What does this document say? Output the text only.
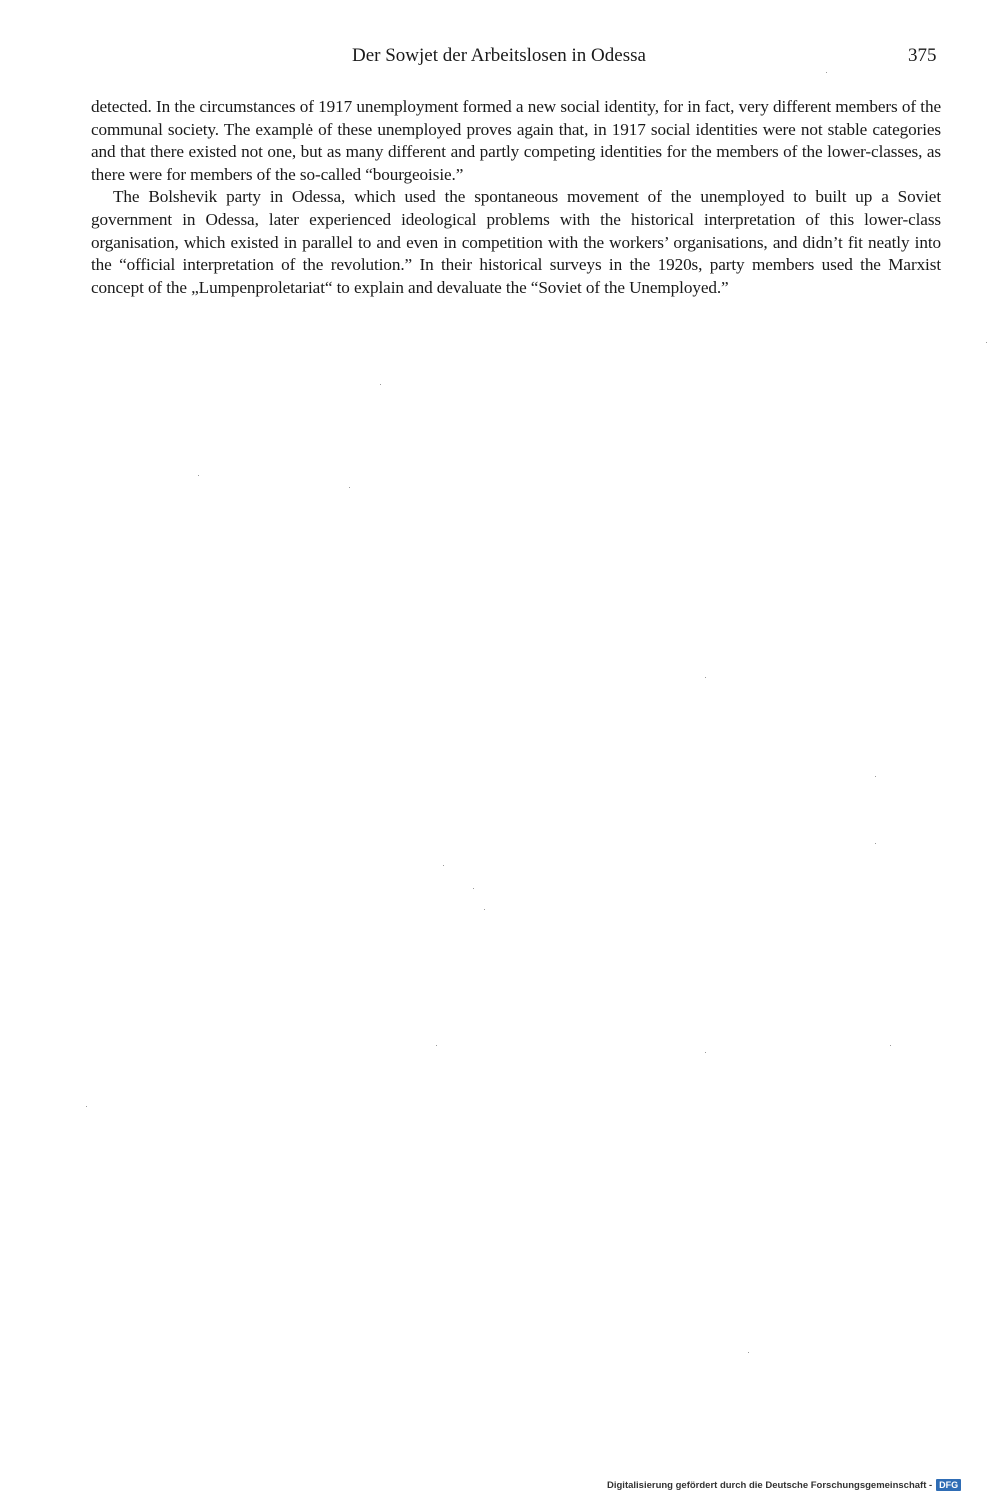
Der Sowjet der Arbeitslosen in Odessa	375

detected. In the circumstances of 1917 unemployment formed a new social identity, for in fact, very different members of the communal society. The examplė of these unemployed proves again that, in 1917 social identities were not stable categories and that there existed not one, but as many different and partly competing identities for the members of the lower-classes, as there were for members of the so-called “bourgeoisie.”

The Bolshevik party in Odessa, which used the spontaneous movement of the unemployed to built up a Soviet government in Odessa, later experienced ideological problems with the historical interpretation of this lower-class organisation, which existed in parallel to and even in competition with the workers’ organisations, and didn’t fit neatly into the “official interpretation of the revolution.” In their historical surveys in the 1920s, party members used the Marxist concept of the „Lumpenproletariat“ to explain and devaluate the “Soviet of the Unemployed.”

Digitalisierung gefördert durch die Deutsche Forschungsgemeinschaft - DFG
